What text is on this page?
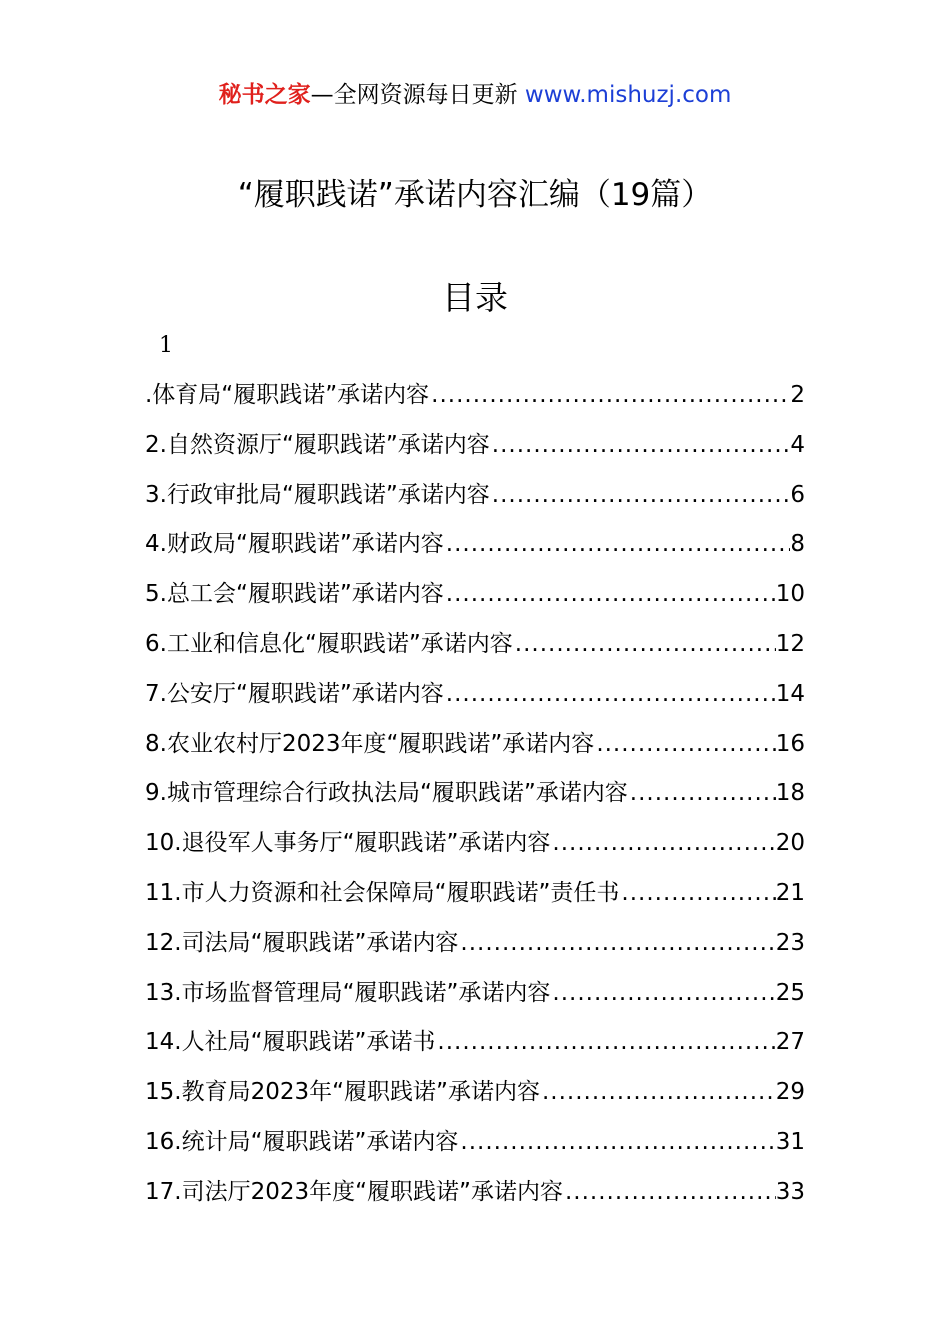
秘书之家—全网资源每日更新 www.mishuzj.com
“履职践诺”承诺内容汇编（19篇）
目录
1
.体育局“履职践诺”承诺内容 .....	2
2.自然资源厅“履职践诺”承诺内容 .....	4
3.行政审批局“履职践诺”承诺内容 .....	6
4.财政局“履职践诺”承诺内容 .....	8
5.总工会“履职践诺”承诺内容 .....	10
6.工业和信息化“履职践诺”承诺内容 .....	12
7.公安厅“履职践诺”承诺内容 .....	14
8.农业农村厅2023年度“履职践诺”承诺内容 .....	16
9.城市管理综合行政执法局“履职践诺”承诺内容 .....	18
10.退役军人事务厅“履职践诺”承诺内容 .....	20
11.市人力资源和社会保障局“履职践诺”责任书 .....	21
12.司法局“履职践诺”承诺内容 .....	23
13.市场监督管理局“履职践诺”承诺内容 .....	25
14.人社局“履职践诺”承诺书 .....	27
15.教育局2023年“履职践诺”承诺内容 .....	29
16.统计局“履职践诺”承诺内容 .....	31
17.司法厅2023年度“履职践诺”承诺内容 .....	33
